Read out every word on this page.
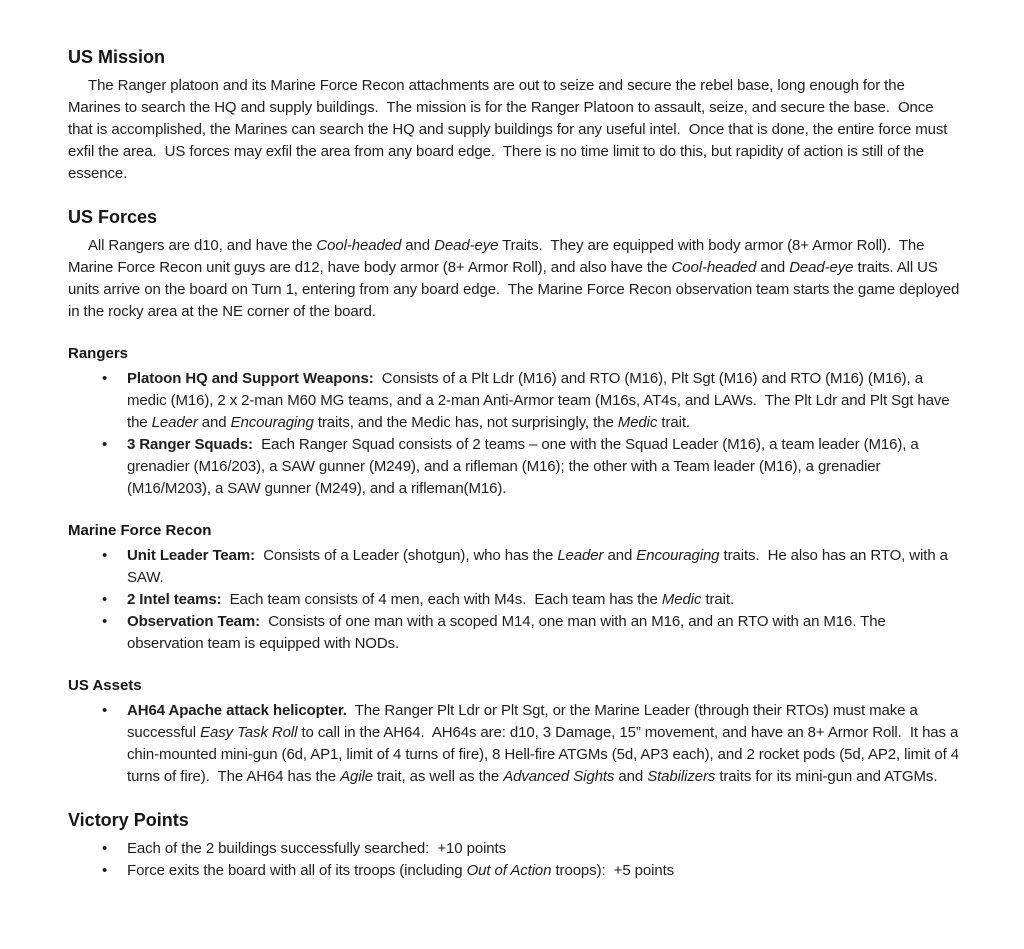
US Mission

The Ranger platoon and its Marine Force Recon attachments are out to seize and secure the rebel base, long enough for the Marines to search the HQ and supply buildings.  The mission is for the Ranger Platoon to assault, seize, and secure the base.  Once that is accomplished, the Marines can search the HQ and supply buildings for any useful intel.  Once that is done, the entire force must exfil the area.  US forces may exfil the area from any board edge.  There is no time limit to do this, but rapidity of action is still of the essence.

US Forces

All Rangers are d10, and have the Cool-headed and Dead-eye Traits.  They are equipped with body armor (8+ Armor Roll).  The Marine Force Recon unit guys are d12, have body armor (8+ Armor Roll), and also have the Cool-headed and Dead-eye traits. All US units arrive on the board on Turn 1, entering from any board edge.  The Marine Force Recon observation team starts the game deployed in the rocky area at the NE corner of the board.

Rangers
•	Platoon HQ and Support Weapons:  Consists of a Plt Ldr (M16) and RTO (M16), Plt Sgt (M16) and RTO (M16) (M16), a medic (M16), 2 x 2-man M60 MG teams, and a 2-man Anti-Armor team (M16s, AT4s, and LAWs.  The Plt Ldr and Plt Sgt have the Leader and Encouraging traits, and the Medic has, not surprisingly, the Medic trait.
•	3 Ranger Squads:  Each Ranger Squad consists of 2 teams – one with the Squad Leader (M16), a team leader (M16), a grenadier (M16/203), a SAW gunner (M249), and a rifleman (M16); the other with a Team leader (M16), a grenadier (M16/M203), a SAW gunner (M249), and a rifleman(M16).
Marine Force Recon
•	Unit Leader Team:  Consists of a Leader (shotgun), who has the Leader and Encouraging traits.  He also has an RTO, with a SAW.
•	2 Intel teams:  Each team consists of 4 men, each with M4s.  Each team has the Medic trait.
•	Observation Team:  Consists of one man with a scoped M14, one man with an M16, and an RTO with an M16. The observation team is equipped with NODs.
US Assets
•	AH64 Apache attack helicopter.  The Ranger Plt Ldr or Plt Sgt, or the Marine Leader (through their RTOs) must make a successful Easy Task Roll to call in the AH64.  AH64s are: d10, 3 Damage, 15” movement, and have an 8+ Armor Roll.  It has a chin-mounted mini-gun (6d, AP1, limit of 4 turns of fire), 8 Hell-fire ATGMs (5d, AP3 each), and 2 rocket pods (5d, AP2, limit of 4 turns of fire).  The AH64 has the Agile trait, as well as the Advanced Sights and Stabilizers traits for its mini-gun and ATGMs.
Victory Points
•	Each of the 2 buildings successfully searched:  +10 points
•	Force exits the board with all of its troops (including Out of Action troops):  +5 points
